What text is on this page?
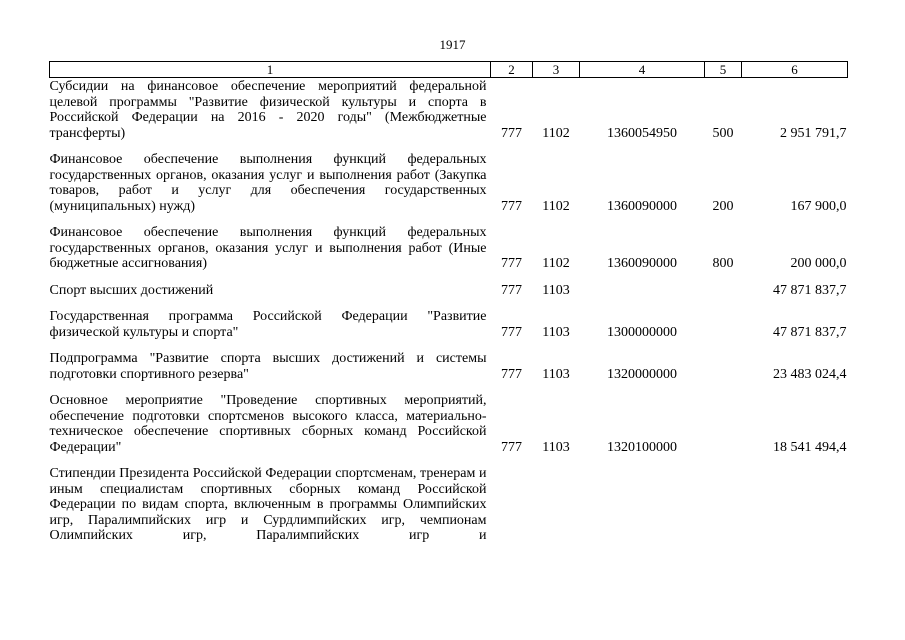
1917
1	2	3	4	5	6
Субсидии на финансовое обеспечение мероприятий федеральной целевой программы "Развитие физической культуры и спорта в Российской Федерации на 2016 - 2020 годы" (Межбюджетные трансферты)	777	1102	1360054950	500	2 951 791,7
Финансовое обеспечение выполнения функций федеральных государственных органов, оказания услуг и выполнения работ (Закупка товаров, работ и услуг для обеспечения государственных (муниципальных) нужд)	777	1102	1360090000	200	167 900,0
Финансовое обеспечение выполнения функций федеральных государственных органов, оказания услуг и выполнения работ (Иные бюджетные ассигнования)	777	1102	1360090000	800	200 000,0
Спорт высших достижений	777	1103			47 871 837,7
Государственная программа Российской Федерации "Развитие физической культуры и спорта"	777	1103	1300000000		47 871 837,7
Подпрограмма "Развитие спорта высших достижений и системы подготовки спортивного резерва"	777	1103	1320000000		23 483 024,4
Основное мероприятие "Проведение спортивных мероприятий, обеспечение подготовки спортсменов высокого класса, материально-техническое обеспечение спортивных сборных команд Российской Федерации"	777	1103	1320100000		18 541 494,4
Стипендии Президента Российской Федерации спортсменам, тренерам и иным специалистам спортивных сборных команд Российской Федерации по видам спорта, включенным в программы Олимпийских игр, Паралимпийских игр и Сурдлимпийских игр, чемпионам Олимпийских игр, Паралимпийских игр и					
